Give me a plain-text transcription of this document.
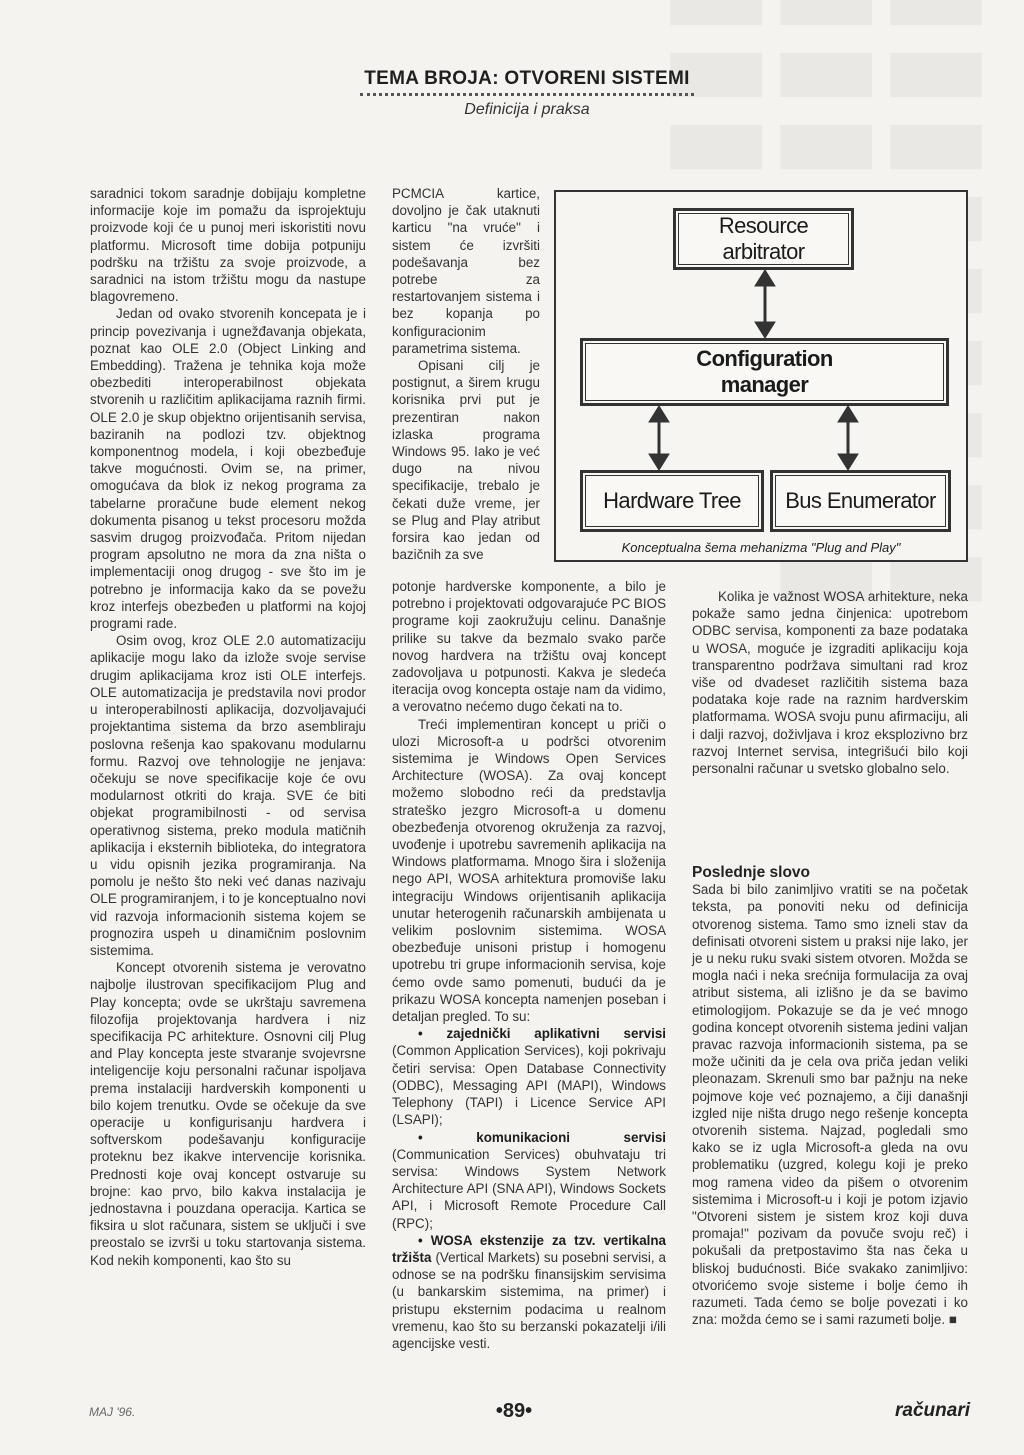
TEMA BROJA: OTVORENI SISTEMI
Definicija i praksa

saradnici tokom saradnje dobijaju kompletne informacije koje im pomažu da isprojektuju proizvode koji će u punoj meri iskoristiti novu platformu. Microsoft time dobija potpuniju podršku na tržištu za svoje proizvode, a saradnici na istom tržištu mogu da nastupe blagovremeno.

Jedan od ovako stvorenih koncepata je i princip povezivanja i ugnežđavanja objekata, poznat kao OLE 2.0 (Object Linking and Embedding). Tražena je tehnika koja može obezbediti interoperabilnost objekata stvorenih u različitim aplikacijama raznih firmi. OLE 2.0 je skup objektno orijentisanih servisa, baziranih na podlozi tzv. objektnog komponentnog modela, i koji obezbeđuje takve mogućnosti. Ovim se, na primer, omogućava da blok iz nekog programa za tabelarne proračune bude element nekog dokumenta pisanog u tekst procesoru možda sasvim drugog proizvođača. Pritom nijedan program apsolutno ne mora da zna ništa o implementaciji onog drugog - sve što im je potrebno je informacija kako da se povežu kroz interfejs obezbeđen u platformi na kojoj programi rade.

Osim ovog, kroz OLE 2.0 automatizaciju aplikacije mogu lako da izlože svoje servise drugim aplikacijama kroz isti OLE interfejs. OLE automatizacija je predstavila novi prodor u interoperabilnosti aplikacija, dozvoljavajući projektantima sistema da brzo asembliraju poslovna rešenja kao spakovanu modularnu formu. Razvoj ove tehnologije ne jenjava: očekuju se nove specifikacije koje će ovu modularnost otkriti do kraja. SVE će biti objekat programibilnosti - od servisa operativnog sistema, preko modula matičnih aplikacija i eksternih biblioteka, do integratora u vidu opisnih jezika programiranja. Na pomolu je nešto što neki već danas nazivaju OLE programiranjem, i to je konceptualno novi vid razvoja informacionih sistema kojem se prognozira uspeh u dinamičnim poslovnim sistemima.

Koncept otvorenih sistema je verovatno najbolje ilustrovan specifikacijom Plug and Play koncepta; ovde se ukrštaju savremena filozofija projektovanja hardvera i niz specifikacija PC arhitekture. Osnovni cilj Plug and Play koncepta jeste stvaranje svojevrsne inteligencije koju personalni računar ispoljava prema instalaciji hardverskih komponenti u bilo kojem trenutku. Ovde se očekuje da sve operacije u konfigurisanju hardvera i softverskom podešavanju konfiguracije proteknu bez ikakve intervencije korisnika. Prednosti koje ovaj koncept ostvaruje su brojne: kao prvo, bilo kakva instalacija je jednostavna i pouzdana operacija. Kartica se fiksira u slot računara, sistem se uključi i sve preostalo se izvrši u toku startovanja sistema. Kod nekih komponenti, kao što su

PCMCIA kartice, dovoljno je čak utaknuti karticu "na vruće" i sistem će izvršiti podešavanja bez potrebe za restartovanjem sistema i bez kopanja po konfiguracionim parametrima sistema.

Opisani cilj je postignut, a širem krugu korisnika prvi put je prezentiran nakon izlaska programa Windows 95. Iako je već dugo na nivou specifikacije, trebalo je čekati duže vreme, jer se Plug and Play atribut forsira kao jedan od bazičnih za sve

potonje hardverske komponente, a bilo je potrebno i projektovati odgovarajuće PC BIOS programe koji zaokružuju celinu. Današnje prilike su takve da bezmalo svako parče novog hardvera na tržištu ovaj koncept zadovoljava u potpunosti. Kakva je sledeća iteracija ovog koncepta ostaje nam da vidimo, a verovatno nećemo dugo čekati na to.

Treći implementiran koncept u priči o ulozi Microsoft-a u podršci otvorenim sistemima je Windows Open Services Architecture (WOSA). Za ovaj koncept možemo slobodno reći da predstavlja strateško jezgro Microsoft-a u domenu obezbeđenja otvorenog okruženja za razvoj, uvođenje i upotrebu savremenih aplikacija na Windows platformama. Mnogo šira i složenija nego API, WOSA arhitektura promoviše laku integraciju Windows orijentisanih aplikacija unutar heterogenih računarskih ambijenata u velikim poslovnim sistemima. WOSA obezbeđuje unisoni pristup i homogenu upotrebu tri grupe informacionih servisa, koje ćemo ovde samo pomenuti, budući da je prikazu WOSA koncepta namenjen poseban i detaljan pregled. To su:

• zajednički aplikativni servisi (Common Application Services), koji pokrivaju četiri servisa: Open Database Connectivity (ODBC), Messaging API (MAPI), Windows Telephony (TAPI) i Licence Service API (LSAPI);

• komunikacioni servisi (Communication Services) obuhvataju tri servisa: Windows System Network Architecture API (SNA API), Windows Sockets API, i Microsoft Remote Procedure Call (RPC);

• WOSA ekstenzije za tzv. vertikalna tržišta (Vertical Markets) su posebni servisi, a odnose se na podršku finansijskim servisima (u bankarskim sistemima, na primer) i pristupu eksternim podacima u realnom vremenu, kao što su berzanski pokazatelji i/ili agencijske vesti.

Resource arbitrator
Configuration
manager
Hardware Tree	Bus Enumerator
Konceptualna šema mehanizma "Plug and Play"

Kolika je važnost WOSA arhitekture, neka pokaže samo jedna činjenica: upotrebom ODBC servisa, komponenti za baze podataka u WOSA, moguće je izgraditi aplikaciju koja transparentno podržava simultani rad kroz više od dvadeset različitih sistema baza podataka koje rade na raznim hardverskim platformama. WOSA svoju punu afirmaciju, ali i dalji razvoj, doživljava i kroz eksplozivno brz razvoj Internet servisa, integrišući bilo koji personalni računar u svetsko globalno selo.

Poslednje slovo

Sada bi bilo zanimljivo vratiti se na početak teksta, pa ponoviti neku od definicija otvorenog sistema. Tamo smo izneli stav da definisati otvoreni sistem u praksi nije lako, jer je u neku ruku svaki sistem otvoren. Možda se mogla naći i neka srećnija formulacija za ovaj atribut sistema, ali izlišno je da se bavimo etimologijom. Pokazuje se da je već mnogo godina koncept otvorenih sistema jedini valjan pravac razvoja informacionih sistema, pa se može učiniti da je cela ova priča jedan veliki pleonazam. Skrenuli smo bar pažnju na neke pojmove koje već poznajemo, a čiji današnji izgled nije ništa drugo nego rešenje koncepta otvorenih sistema. Najzad, pogledali smo kako se iz ugla Microsoft-a gleda na ovu problematiku (uzgred, kolegu koji je preko mog ramena video da pišem o otvorenim sistemima i Microsoft-u i koji je potom izjavio "Otvoreni sistem je sistem kroz koji duva promaja!" pozivam da povuče svoju reč) i pokušali da pretpostavimo šta nas čeka u bliskoj budućnosti. Biće svakako zanimljivo: otvorićemo svoje sisteme i bolje ćemo ih razumeti. Tada ćemo se bolje povezati i ko zna: možda ćemo se i sami razumeti bolje. ■

MAJ '96.	•89•	računari
